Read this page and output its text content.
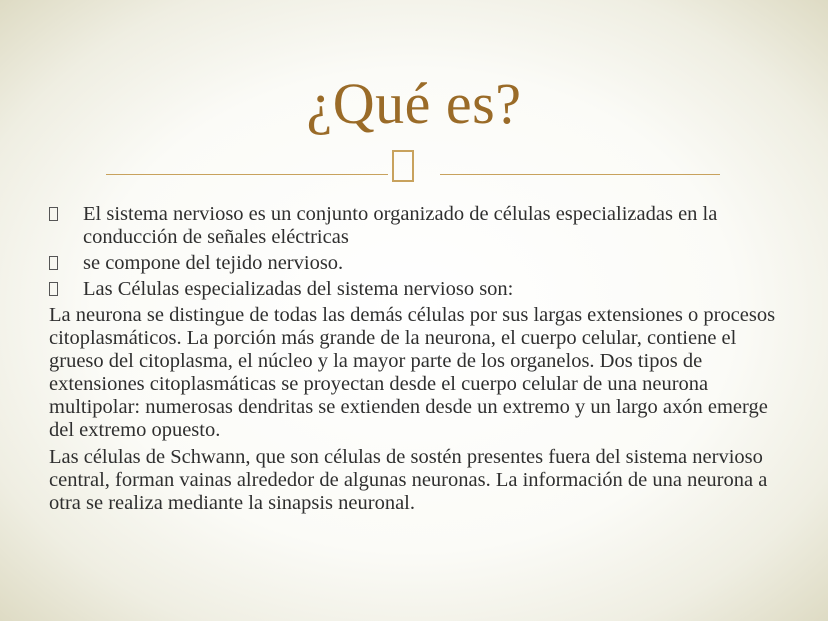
¿Qué es?
El sistema nervioso es un conjunto organizado de células especializadas en la conducción de señales eléctricas
se compone del tejido nervioso.
Las Células especializadas del sistema nervioso son:

La neurona se distingue de todas las demás células por sus largas extensiones o procesos citoplasmáticos. La porción más grande de la neurona, el cuerpo celular, contiene el grueso del citoplasma, el núcleo y la mayor parte de los organelos. Dos tipos de extensiones citoplasmáticas se proyectan desde el cuerpo celular de una neurona multipolar: numerosas dendritas se extienden desde un extremo y un largo axón emerge del extremo opuesto.

Las células de Schwann, que son células de sostén presentes fuera del sistema nervioso central, forman vainas alrededor de algunas neuronas. La información de una neurona a otra se realiza mediante la sinapsis neuronal.
